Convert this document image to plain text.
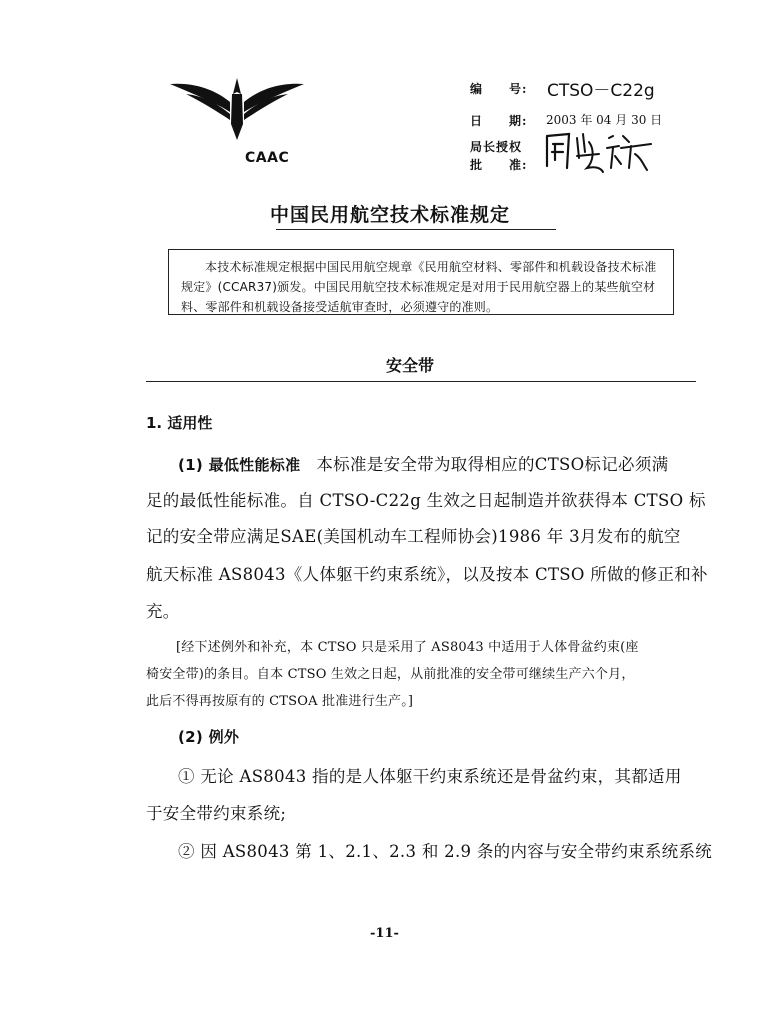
CAAC
编　　号: CTSO－C22g
日　　期: 2003 年 04 月 30 日
局长授权
批　　准:
中国民用航空技术标准规定
本技术标准规定根据中国民用航空规章《民用航空材料、零部件和机载设备技术标准规定》(CCAR37)颁发。中国民用航空技术标准规定是对用于民用航空器上的某些航空材料、零部件和机载设备接受适航审查时，必须遵守的准则。
安全带
1. 适用性
(1) 最低性能标准 本标准是安全带为取得相应的CTSO标记必须满
足的最低性能标准。自 CTSO-C22g 生效之日起制造并欲获得本 CTSO 标
记的安全带应满足SAE(美国机动车工程师协会)1986 年 3月发布的航空
航天标准 AS8043《人体躯干约束系统》，以及按本 CTSO 所做的修正和补
充。
[经下述例外和补充，本 CTSO 只是采用了 AS8043 中适用于人体骨盆约束(座
椅安全带)的条目。自本 CTSO 生效之日起，从前批准的安全带可继续生产六个月，
此后不得再按原有的 CTSOA 批准进行生产。]
(2) 例外
① 无论 AS8043 指的是人体躯干约束系统还是骨盆约束，其都适用
于安全带约束系统;
② 因 AS8043 第 1、2.1、2.3 和 2.9 条的内容与安全带约束系统系统
-11-
